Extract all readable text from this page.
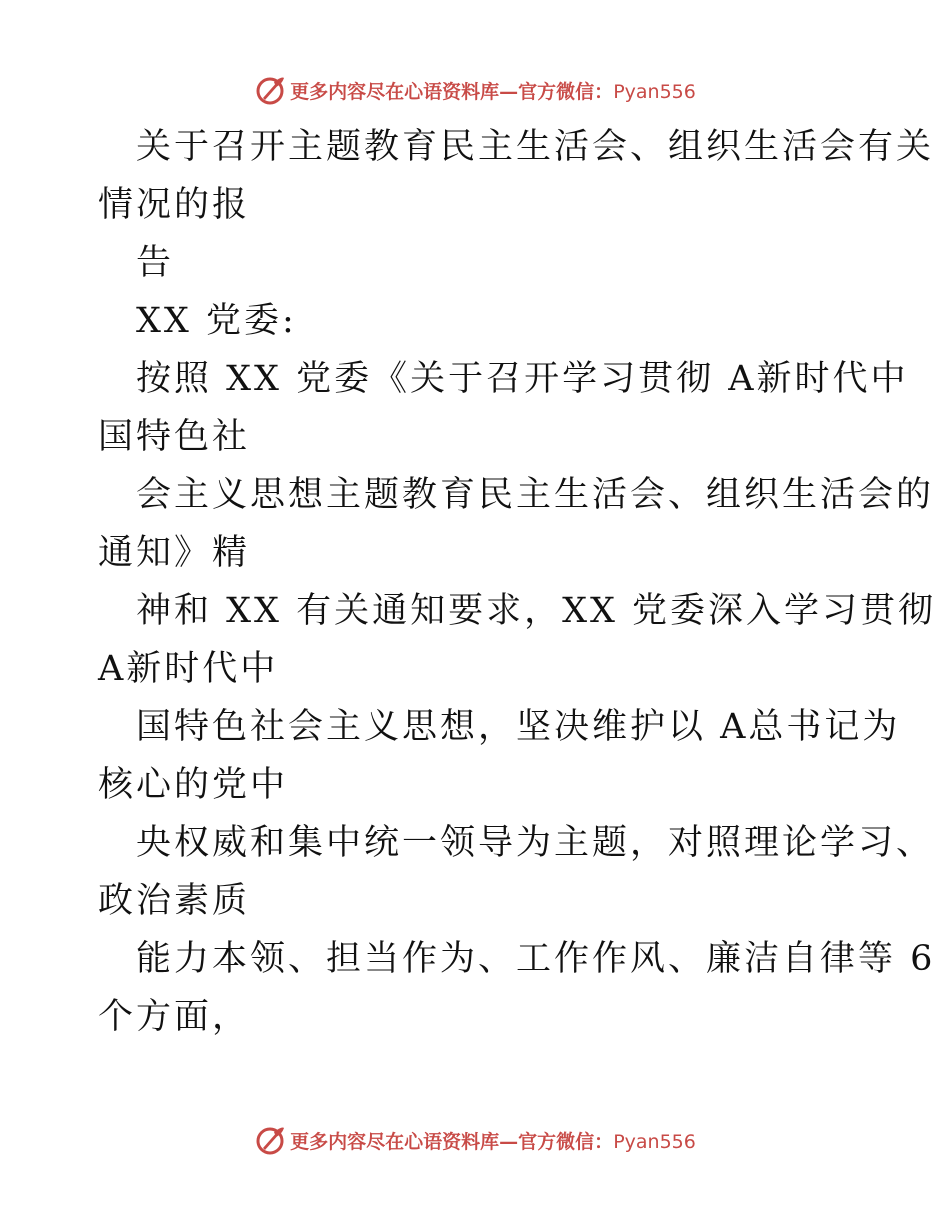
更多内容尽在心语资料库—官方微信：Pyan556
关于召开主题教育民主生活会、组织生活会有关
情况的报
告
XX 党委:
按照 XX 党委《关于召开学习贯彻 A新时代中
国特色社
会主义思想主题教育民主生活会、组织生活会的
通知》精
神和 XX 有关通知要求，XX 党委深入学习贯彻
A新时代中
国特色社会主义思想，坚决维护以 A总书记为
核心的党中
央权威和集中统一领导为主题，对照理论学习、
政治素质
能力本领、担当作为、工作作风、廉洁自律等 6
个方面，
更多内容尽在心语资料库—官方微信：Pyan556
